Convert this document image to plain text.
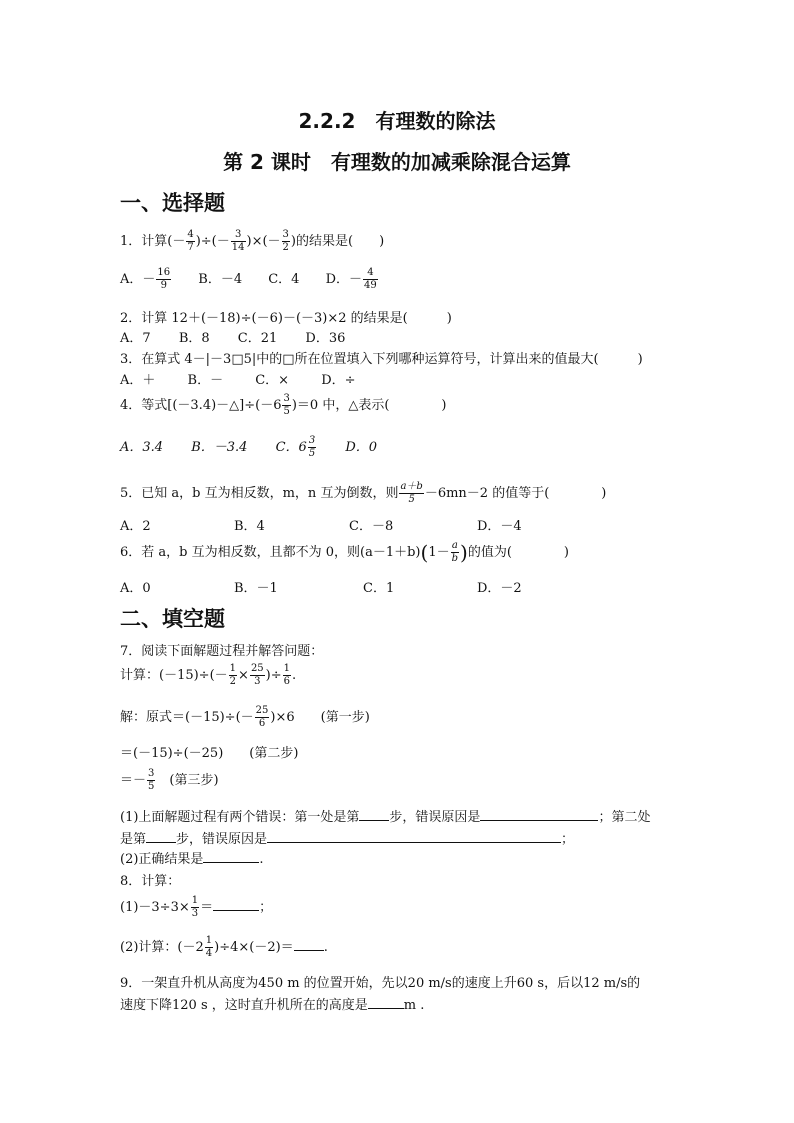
2.2.2　有理数的除法
第 2 课时　有理数的加减乘除混合运算
一、选择题
1．计算(－ $\frac{4}{7}$ )÷(－ $\frac{3}{14}$ )×(－ $\frac{3}{2}$ )的结果是(　　)
A．－ $\frac{16}{9}$ B．－4 C．4 D．－ $\frac{4}{49}$
2．计算 12＋(－18)÷(－6)－(－3)×2 的结果是(　　　)
A．7 B．8 C．21 D．36
3．在算式 4－|－3□5|中的□所在位置填入下列哪种运算符号，计算出来的值最大(　　　)
A．＋ B．－ C．× D．÷
4．等式[(－3.4)－△]÷(－6 $\frac{3}{5} )=0$ 中，△表示(　　　　)
A．3.4 B．－3.4 C．$6 \frac{3}{5}$ D．0
5．已知 a，b 互为相反数，m，n 互为倒数，则 $\frac{a+b}{5} -6mn-2$ 的值等于(　　　　)
A．2	B．4	C．－8	D．－4
6．若 a，b 互为相反数，且都不为 0，则$(a-1+b)(1- \frac{a}{b}$ )的值为(　　　　)
A．0	B．－1	C．1	D．－2
二、填空题
7．阅读下面解题过程并解答问题：
计算：$(-15)\div(- \frac{1}{2} \times \frac{25}{3}$ )÷ $\frac{1}{6}$ .
解：原式$=(-15)\div(- \frac{25}{6} )\times 6$　　(第一步)
＝(－15)÷(－25)　　(第二步)
＝－ $\frac{3}{5}$ 　(第三步)
(1)上面解题过程有两个错误：第一处是第 步，错误原因是	；第二处
是第 步，错误原因是	；
(2)正确结果是	.
8．计算：
$(1)-3\div 3\times \frac{1}{3}$ ＝	；
(2)计算：$(-2 \frac{1}{4} )\div 4\times(-2)=$ .
9．一架直升机从高度为450 m 的位置开始，先以20 m/s的速度上升60 s，后以12 m/s的
速度下降120 s ，这时直升机所在的高度是	m .
